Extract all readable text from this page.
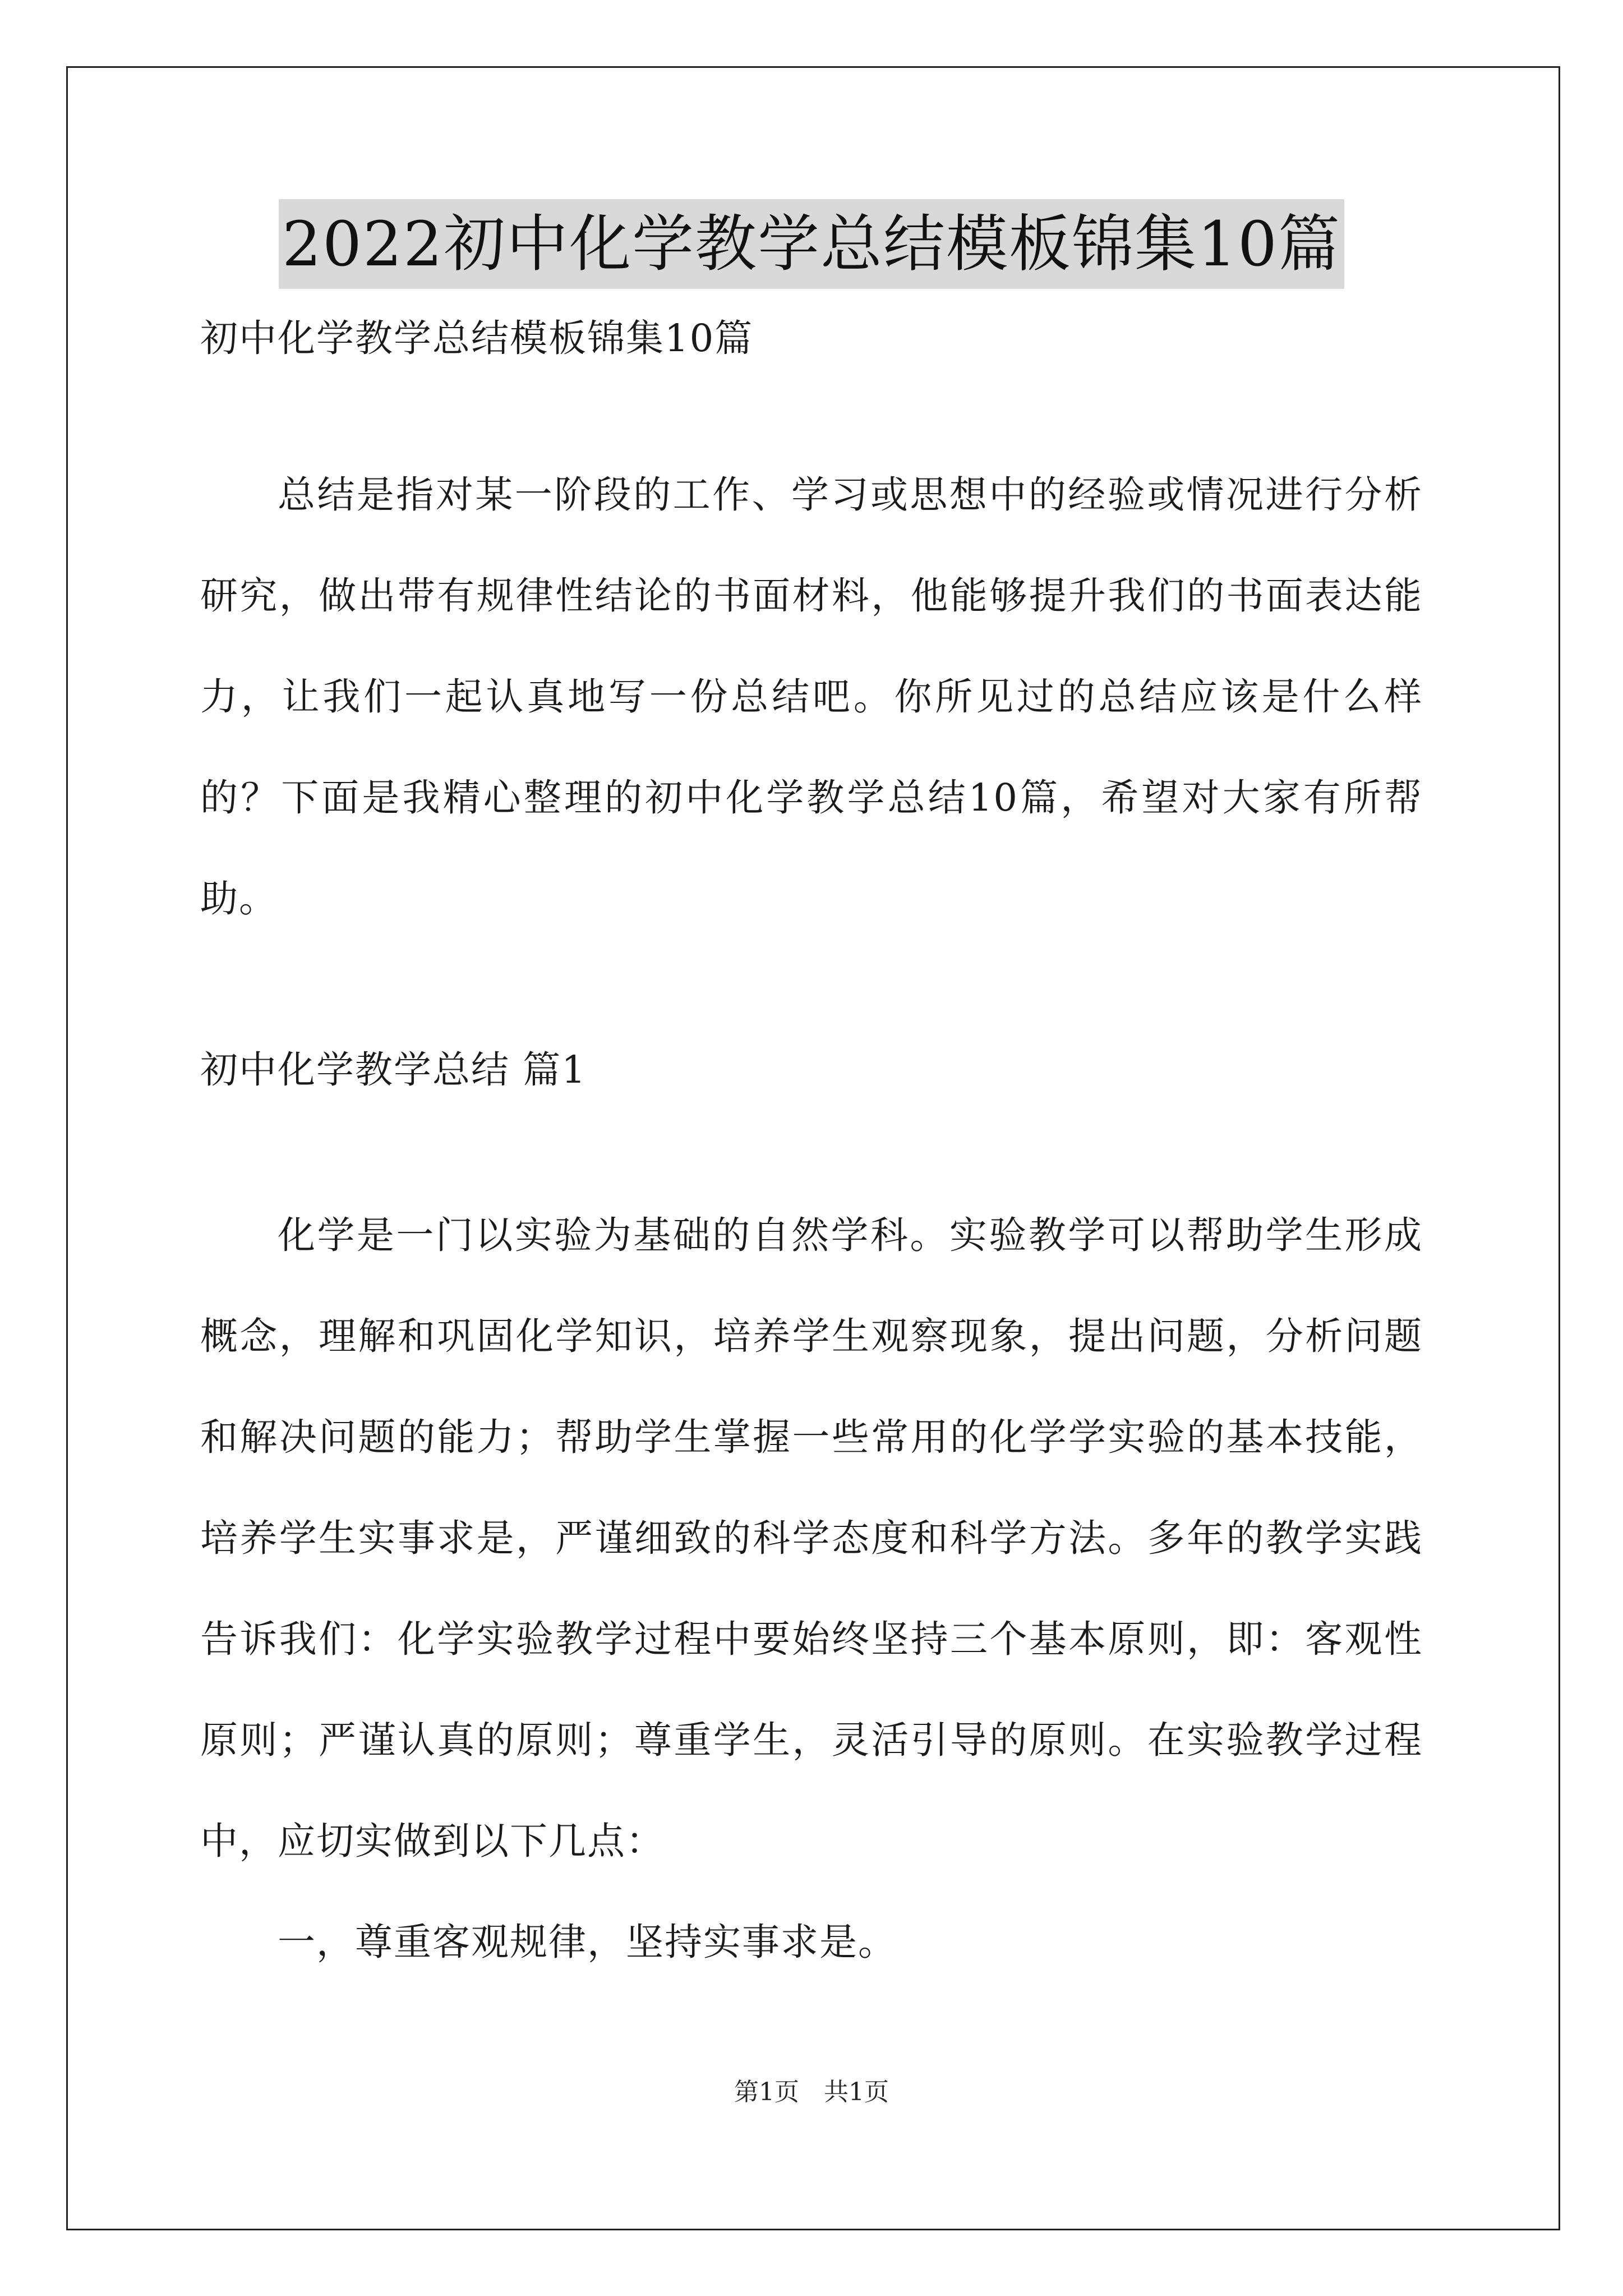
2022初中化学教学总结模板锦集10篇
初中化学教学总结模板锦集10篇

总结是指对某一阶段的工作、学习或思想中的经验或情况进行分析研究，做出带有规律性结论的书面材料，他能够提升我们的书面表达能力，让我们一起认真地写一份总结吧。你所见过的总结应该是什么样的？下面是我精心整理的初中化学教学总结10篇，希望对大家有所帮助。

初中化学教学总结 篇1

化学是一门以实验为基础的自然学科。实验教学可以帮助学生形成概念，理解和巩固化学知识，培养学生观察现象，提出问题，分析问题和解决问题的能力；帮助学生掌握一些常用的化学学实验的基本技能，培养学生实事求是，严谨细致的科学态度和科学方法。多年的教学实践告诉我们：化学实验教学过程中要始终坚持三个基本原则，即：客观性原则；严谨认真的原则；尊重学生，灵活引导的原则。在实验教学过程中，应切实做到以下几点：

一，尊重客观规律，坚持实事求是。

第1页　共1页
